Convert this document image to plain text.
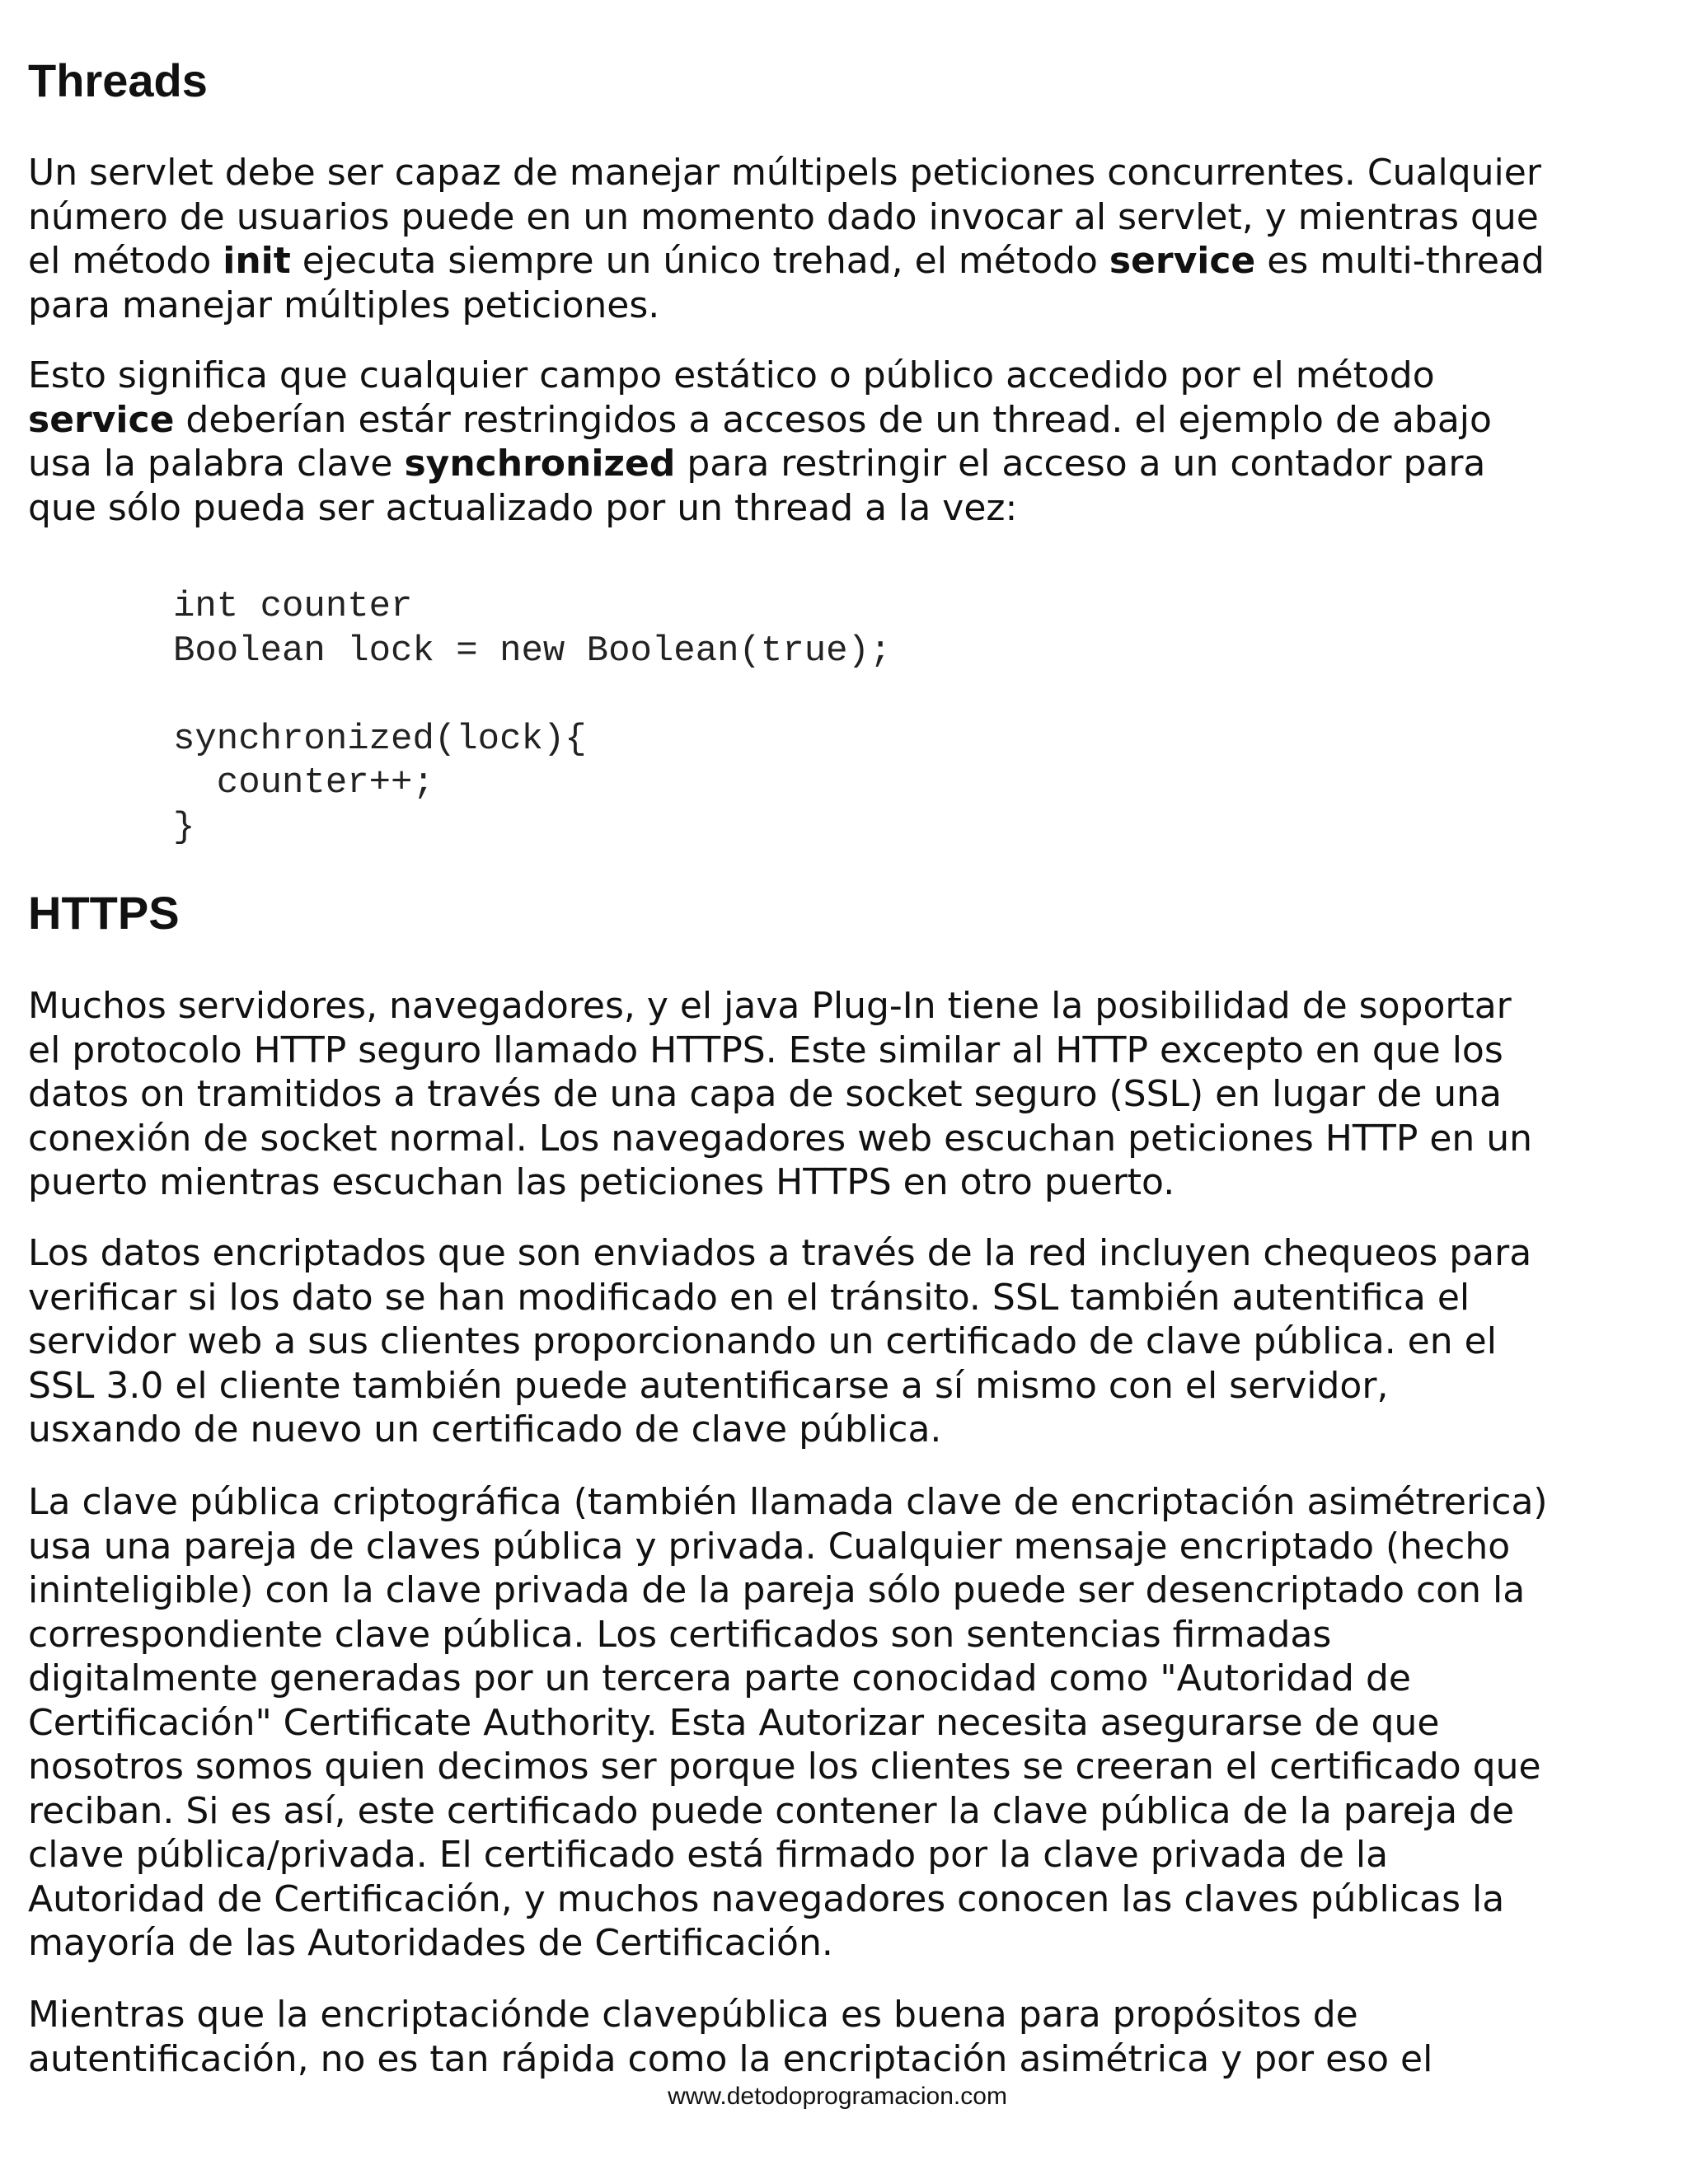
Threads

Un servlet debe ser capaz de manejar múltipels peticiones concurrentes. Cualquier
número de usuarios puede en un momento dado invocar al servlet, y mientras que
el método init ejecuta siempre un único trehad, el método service es multi-thread
para manejar múltiples peticiones.

Esto significa que cualquier campo estático o público accedido por el método
service deberían estár restringidos a accesos de un thread. el ejemplo de abajo
usa la palabra clave synchronized para restringir el acceso a un contador para
que sólo pueda ser actualizado por un thread a la vez:

int counter
Boolean lock = new Boolean(true);
synchronized(lock){
counter++;
}
HTTPS

Muchos servidores, navegadores, y el java Plug-In tiene la posibilidad de soportar
el protocolo HTTP seguro llamado HTTPS. Este similar al HTTP excepto en que los
datos on tramitidos a través de una capa de socket seguro (SSL) en lugar de una
conexión de socket normal. Los navegadores web escuchan peticiones HTTP en un
puerto mientras escuchan las peticiones HTTPS en otro puerto.

Los datos encriptados que son enviados a través de la red incluyen chequeos para
verificar si los dato se han modificado en el tránsito. SSL también autentifica el
servidor web a sus clientes proporcionando un certificado de clave pública. en el
SSL 3.0 el cliente también puede autentificarse a sí mismo con el servidor,
usxando de nuevo un certificado de clave pública.

La clave pública criptográfica (también llamada clave de encriptación asimétrerica)
usa una pareja de claves pública y privada. Cualquier mensaje encriptado (hecho
ininteligible) con la clave privada de la pareja sólo puede ser desencriptado con la
correspondiente clave pública. Los certificados son sentencias firmadas
digitalmente generadas por un tercera parte conocidad como "Autoridad de
Certificación" Certificate Authority. Esta Autorizar necesita asegurarse de que
nosotros somos quien decimos ser porque los clientes se creeran el certificado que
reciban. Si es así, este certificado puede contener la clave pública de la pareja de
clave pública/privada. El certificado está firmado por la clave privada de la
Autoridad de Certificación, y muchos navegadores conocen las claves públicas la
mayoría de las Autoridades de Certificación.

Mientras que la encriptaciónde clavepública es buena para propósitos de
autentificación, no es tan rápida como la encriptación asimétrica y por eso el

www.detodoprogramacion.com
